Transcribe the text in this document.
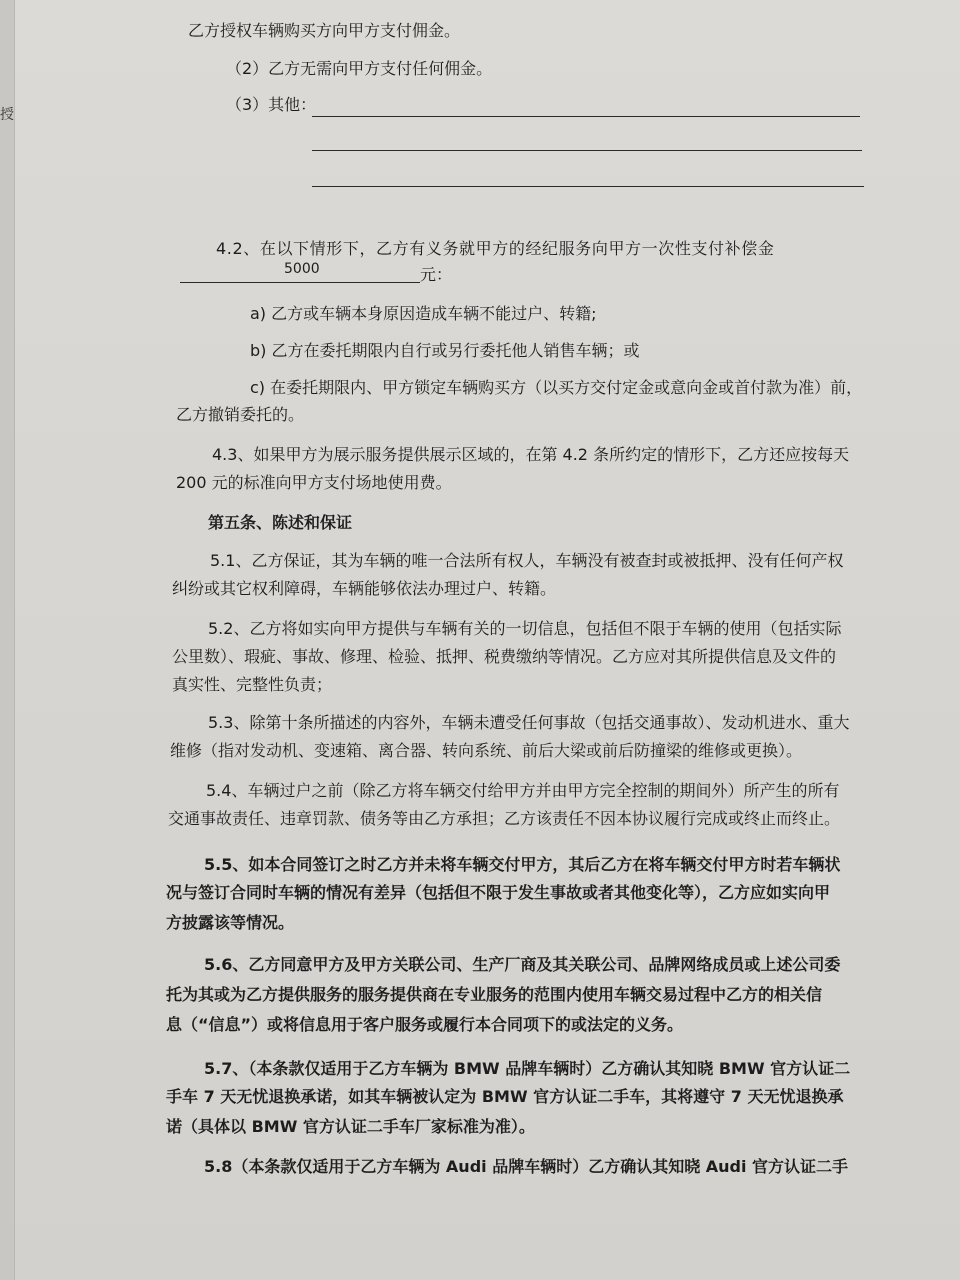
授
乙方授权车辆购买方向甲方支付佣金。
（2）乙方无需向甲方支付任何佣金。
（3）其他：
4.2、在以下情形下，乙方有义务就甲方的经纪服务向甲方一次性支付补偿金
5000	元：
a) 乙方或车辆本身原因造成车辆不能过户、转籍;
b) 乙方在委托期限内自行或另行委托他人销售车辆；或
c) 在委托期限内、甲方锁定车辆购买方（以买方交付定金或意向金或首付款为准）前，
乙方撤销委托的。
4.3、如果甲方为展示服务提供展示区域的，在第 4.2 条所约定的情形下，乙方还应按每天
200 元的标准向甲方支付场地使用费。
第五条、陈述和保证
5.1、乙方保证，其为车辆的唯一合法所有权人，车辆没有被查封或被抵押、没有任何产权
纠纷或其它权利障碍，车辆能够依法办理过户、转籍。
5.2、乙方将如实向甲方提供与车辆有关的一切信息，包括但不限于车辆的使用（包括实际
公里数）、瑕疵、事故、修理、检验、抵押、税费缴纳等情况。乙方应对其所提供信息及文件的
真实性、完整性负责；
5.3、除第十条所描述的内容外，车辆未遭受任何事故（包括交通事故）、发动机进水、重大
维修（指对发动机、变速箱、离合器、转向系统、前后大梁或前后防撞梁的维修或更换）。
5.4、车辆过户之前（除乙方将车辆交付给甲方并由甲方完全控制的期间外）所产生的所有
交通事故责任、违章罚款、债务等由乙方承担；乙方该责任不因本协议履行完成或终止而终止。
5.5、如本合同签订之时乙方并未将车辆交付甲方，其后乙方在将车辆交付甲方时若车辆状
况与签订合同时车辆的情况有差异（包括但不限于发生事故或者其他变化等），乙方应如实向甲
方披露该等情况。
5.6、乙方同意甲方及甲方关联公司、生产厂商及其关联公司、品牌网络成员或上述公司委
托为其或为乙方提供服务的服务提供商在专业服务的范围内使用车辆交易过程中乙方的相关信
息（“信息”）或将信息用于客户服务或履行本合同项下的或法定的义务。
5.7、（本条款仅适用于乙方车辆为 BMW 品牌车辆时）乙方确认其知晓 BMW 官方认证二
手车 7 天无忧退换承诺，如其车辆被认定为 BMW 官方认证二手车，其将遵守 7 天无忧退换承
诺（具体以 BMW 官方认证二手车厂家标准为准）。
5.8（本条款仅适用于乙方车辆为 Audi 品牌车辆时）乙方确认其知晓 Audi 官方认证二手
